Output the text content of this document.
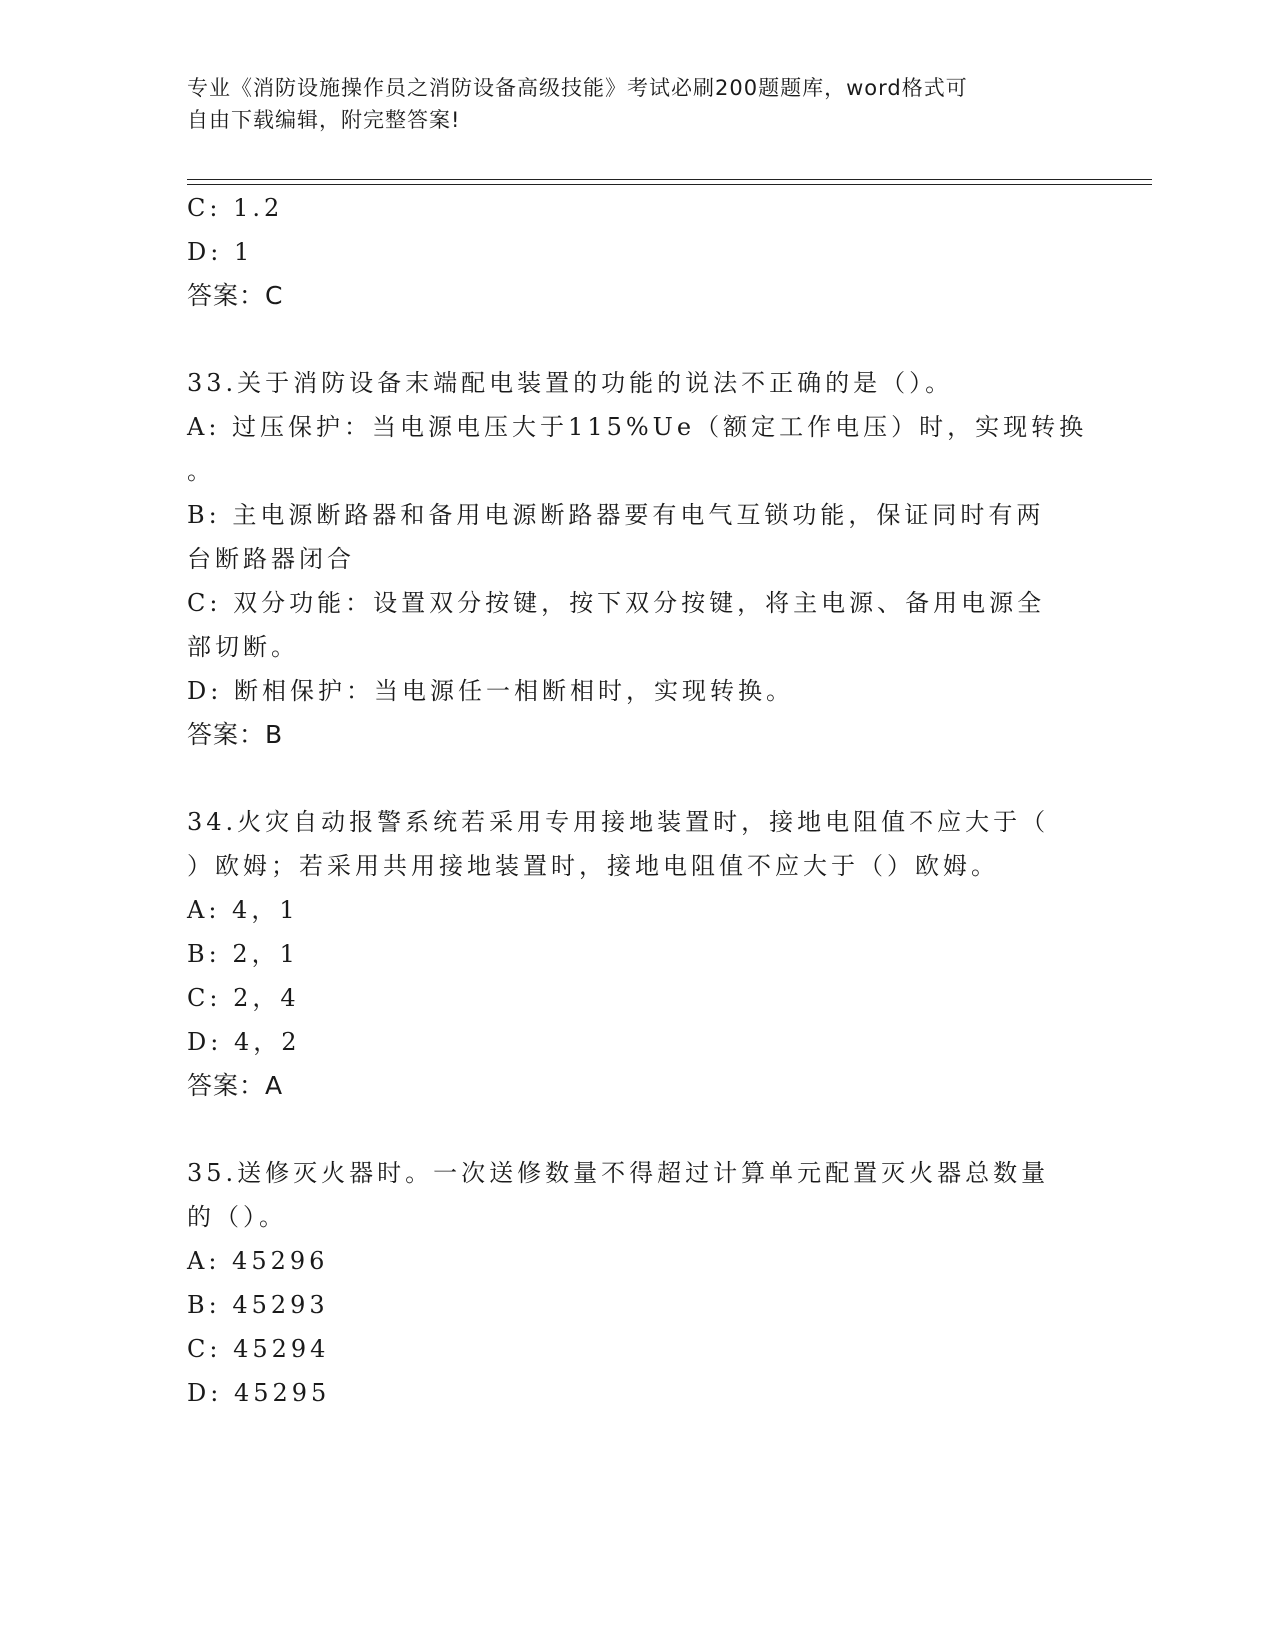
专业《消防设施操作员之消防设备高级技能》考试必刷200题题库，word格式可
自由下载编辑，附完整答案!
C: 1.2
D: 1
答案：C
33.关于消防设备末端配电装置的功能的说法不正确的是（）。
A: 过压保护：当电源电压大于115%Ue（额定工作电压）时，实现转换
。
B: 主电源断路器和备用电源断路器要有电气互锁功能，保证同时有两
台断路器闭合
C: 双分功能：设置双分按键，按下双分按键，将主电源、备用电源全
部切断。
D: 断相保护：当电源任一相断相时，实现转换。
答案：B
34.火灾自动报警系统若采用专用接地装置时，接地电阻值不应大于（
）欧姆；若采用共用接地装置时，接地电阻值不应大于（）欧姆。
A: 4，1
B: 2，1
C: 2，4
D: 4，2
答案：A
35.送修灭火器时。一次送修数量不得超过计算单元配置灭火器总数量
的（）。
A: 45296
B: 45293
C: 45294
D: 45295
